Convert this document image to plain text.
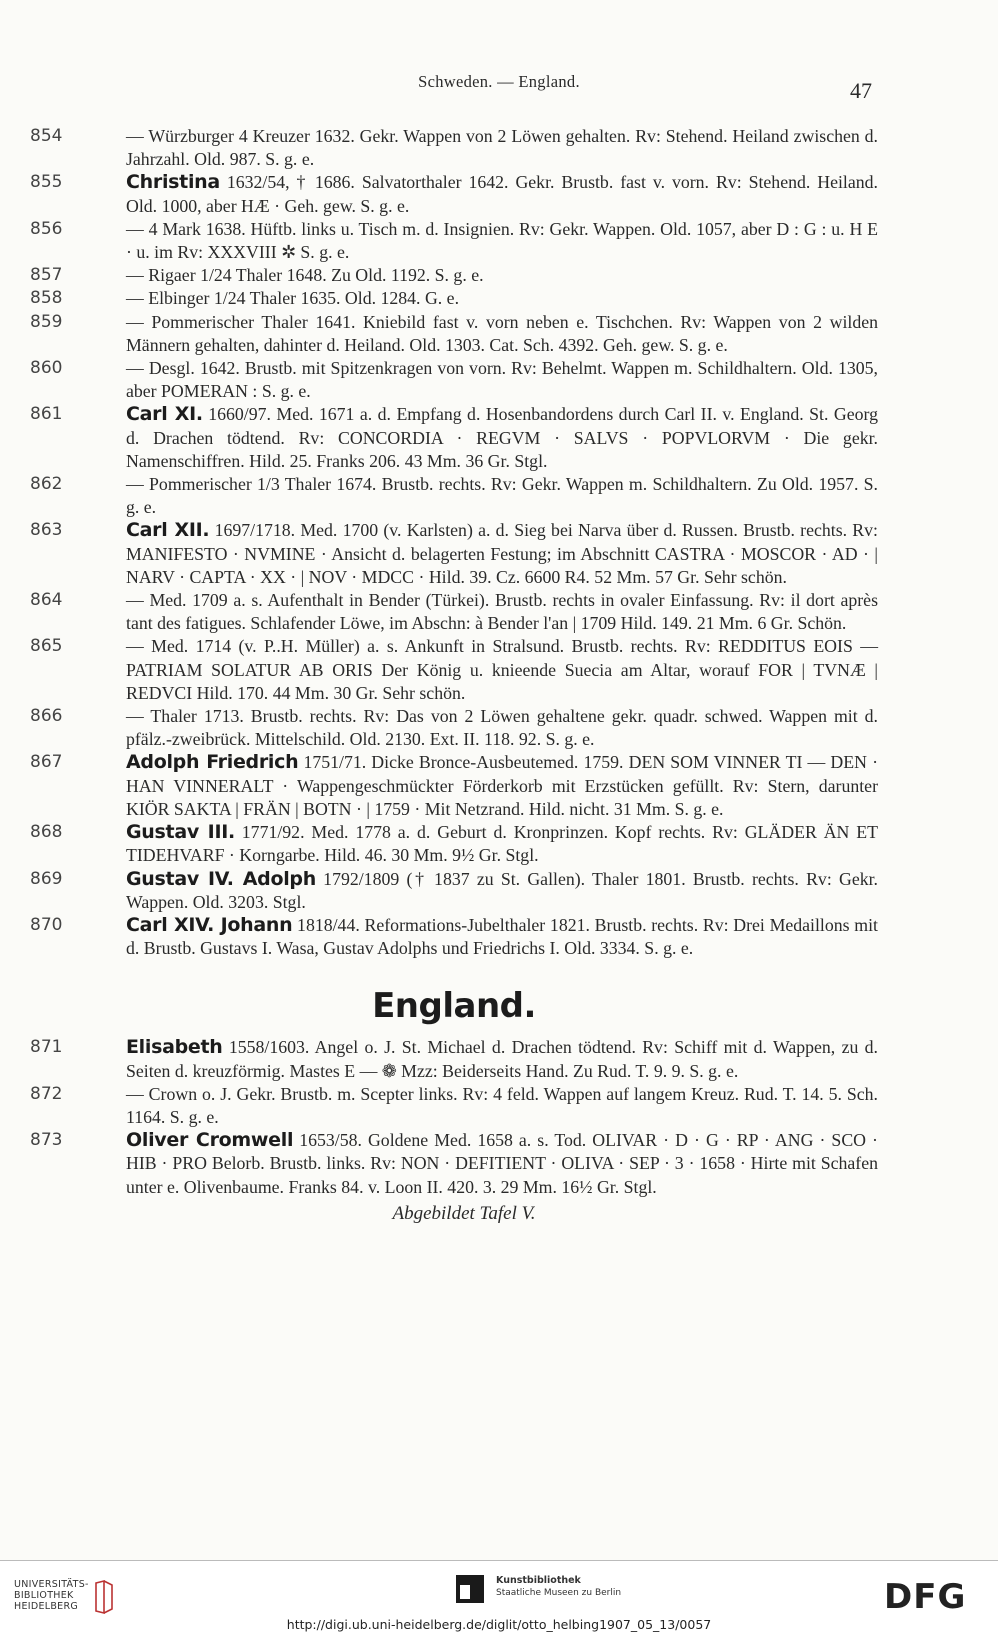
Schweden. — England.	47
854	— Würzburger 4 Kreuzer 1632. Gekr. Wappen von 2 Löwen gehalten. Rv: Stehend. Heiland zwischen d. Jahrzahl. Old. 987. S. g. e.
855	Christina 1632/54, † 1686. Salvatorthaler 1642. Gekr. Brustb. fast v. vorn. Rv: Stehend. Heiland. Old. 1000, aber HÆ · Geh. gew. S. g. e.
856	— 4 Mark 1638. Hüftb. links u. Tisch m. d. Insignien. Rv: Gekr. Wappen. Old. 1057, aber D : G : u. H E · u. im Rv: XXXVIII ✲ S. g. e.
857	— Rigaer 1/24 Thaler 1648. Zu Old. 1192. S. g. e.
858	— Elbinger 1/24 Thaler 1635. Old. 1284. G. e.
859	— Pommerischer Thaler 1641. Kniebild fast v. vorn neben e. Tischchen. Rv: Wappen von 2 wilden Männern gehalten, dahinter d. Heiland. Old. 1303. Cat. Sch. 4392. Geh. gew. S. g. e.
860	— Desgl. 1642. Brustb. mit Spitzenkragen von vorn. Rv: Behelmt. Wappen m. Schildhaltern. Old. 1305, aber POMERAN : S. g. e.
861	Carl XI. 1660/97. Med. 1671 a. d. Empfang d. Hosenbandordens durch Carl II. v. England. St. Georg d. Drachen tödtend. Rv: CONCORDIA · REGVM · SALVS · POPVLORVM · Die gekr. Namenschiffren. Hild. 25. Franks 206. 43 Mm. 36 Gr. Stgl.
862	— Pommerischer 1/3 Thaler 1674. Brustb. rechts. Rv: Gekr. Wappen m. Schildhaltern. Zu Old. 1957. S. g. e.
863	Carl XII. 1697/1718. Med. 1700 (v. Karlsten) a. d. Sieg bei Narva über d. Russen. Brustb. rechts. Rv: MANIFESTO · NVMINE · Ansicht d. belagerten Festung; im Abschnitt CASTRA · MOSCOR · AD · | NARV · CAPTA · XX · | NOV · MDCC · Hild. 39. Cz. 6600 R4. 52 Mm. 57 Gr. Sehr schön.
864	— Med. 1709 a. s. Aufenthalt in Bender (Türkei). Brustb. rechts in ovaler Einfassung. Rv: il dort après tant des fatigues. Schlafender Löwe, im Abschn: à Bender l'an | 1709 Hild. 149. 21 Mm. 6 Gr. Schön.
865	— Med. 1714 (v. P..H. Müller) a. s. Ankunft in Stralsund. Brustb. rechts. Rv: REDDITUS EOIS — PATRIAM SOLATUR AB ORIS Der König u. knieende Suecia am Altar, worauf FOR | TVNÆ | REDVCI Hild. 170. 44 Mm. 30 Gr. Sehr schön.
866	— Thaler 1713. Brustb. rechts. Rv: Das von 2 Löwen gehaltene gekr. quadr. schwed. Wappen mit d. pfälz.-zweibrück. Mittelschild. Old. 2130. Ext. II. 118. 92. S. g. e.
867	Adolph Friedrich 1751/71. Dicke Bronce-Ausbeutemed. 1759. DEN SOM VINNER TI — DEN · HAN VINNERALT · Wappengeschmückter Förderkorb mit Erzstücken gefüllt. Rv: Stern, darunter KIÖR SAKTA | FRÄN | BOTN · | 1759 · Mit Netzrand. Hild. nicht. 31 Mm. S. g. e.
868	Gustav III. 1771/92. Med. 1778 a. d. Geburt d. Kronprinzen. Kopf rechts. Rv: GLÄDER ÄN ET TIDEHVARF · Korngarbe. Hild. 46. 30 Mm. 9½ Gr. Stgl.
869	Gustav IV. Adolph 1792/1809 († 1837 zu St. Gallen). Thaler 1801. Brustb. rechts. Rv: Gekr. Wappen. Old. 3203. Stgl.
870	Carl XIV. Johann 1818/44. Reformations-Jubelthaler 1821. Brustb. rechts. Rv: Drei Medaillons mit d. Brustb. Gustavs I. Wasa, Gustav Adolphs und Friedrichs I. Old. 3334. S. g. e.
England.
871	Elisabeth 1558/1603. Angel o. J. St. Michael d. Drachen tödtend. Rv: Schiff mit d. Wappen, zu d. Seiten d. kreuzförmig. Mastes E — ❁ Mzz: Beiderseits Hand. Zu Rud. T. 9. 9. S. g. e.
872	— Crown o. J. Gekr. Brustb. m. Scepter links. Rv: 4 feld. Wappen auf langem Kreuz. Rud. T. 14. 5. Sch. 1164. S. g. e.
873	Oliver Cromwell 1653/58. Goldene Med. 1658 a. s. Tod. OLIVAR · D · G · RP · ANG · SCO · HIB · PRO Belorb. Brustb. links. Rv: NON · DEFITIENT · OLIVA · SEP · 3 · 1658 · Hirte mit Schafen unter e. Olivenbaume. Franks 84. v. Loon II. 420. 3. 29 Mm. 16½ Gr. Stgl.
Abgebildet Tafel V.
UNIVERSITÄTS-
BIBLIOTHEK
HEIDELBERG
Kunstbibliothek
Staatliche Museen zu Berlin	DFG
http://digi.ub.uni-heidelberg.de/diglit/otto_helbing1907_05_13/0057
